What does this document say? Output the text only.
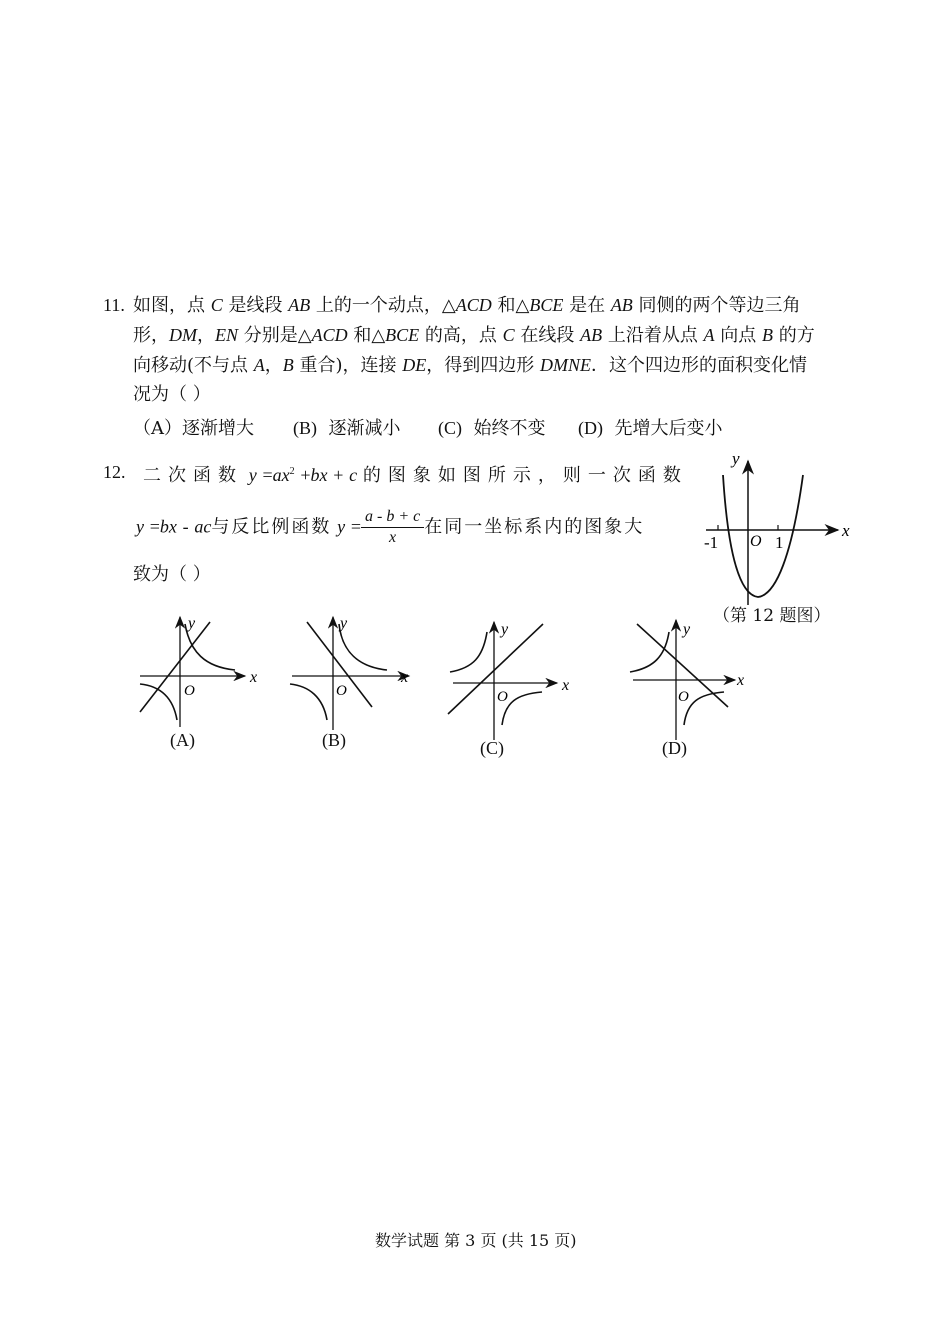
11. 如图，点 C 是线段 AB 上的一个动点，△ACD 和△BCE 是在 AB 同侧的两个等边三角
形，DM，EN 分别是△ACD 和△BCE 的高，点 C 在线段 AB 上沿着从点 A 向点 B 的方
向移动(不与点 A，B 重合)，连接 DE，得到四边形 DMNE．这个四边形的面积变化情
况为（ ）
（A）逐渐增大 (B) 逐渐减小 (C) 始终不变 (D) 先增大后变小
12. 二次函数 $y =ax^2 +bx + c$ 的图象如图所示，则一次函数
y =bx - ac与反比例函数 $y = \frac{a - b + c}{x}$ 在同一坐标系内的图象大
致为（ ）
y
x
-1 O 1
（第 12 题图）
y
x
O
(A)
y
x
O
(B)
y
x
O
(C)
y
x
O
(D)
数学试题 第 3 页 (共 15 页)
